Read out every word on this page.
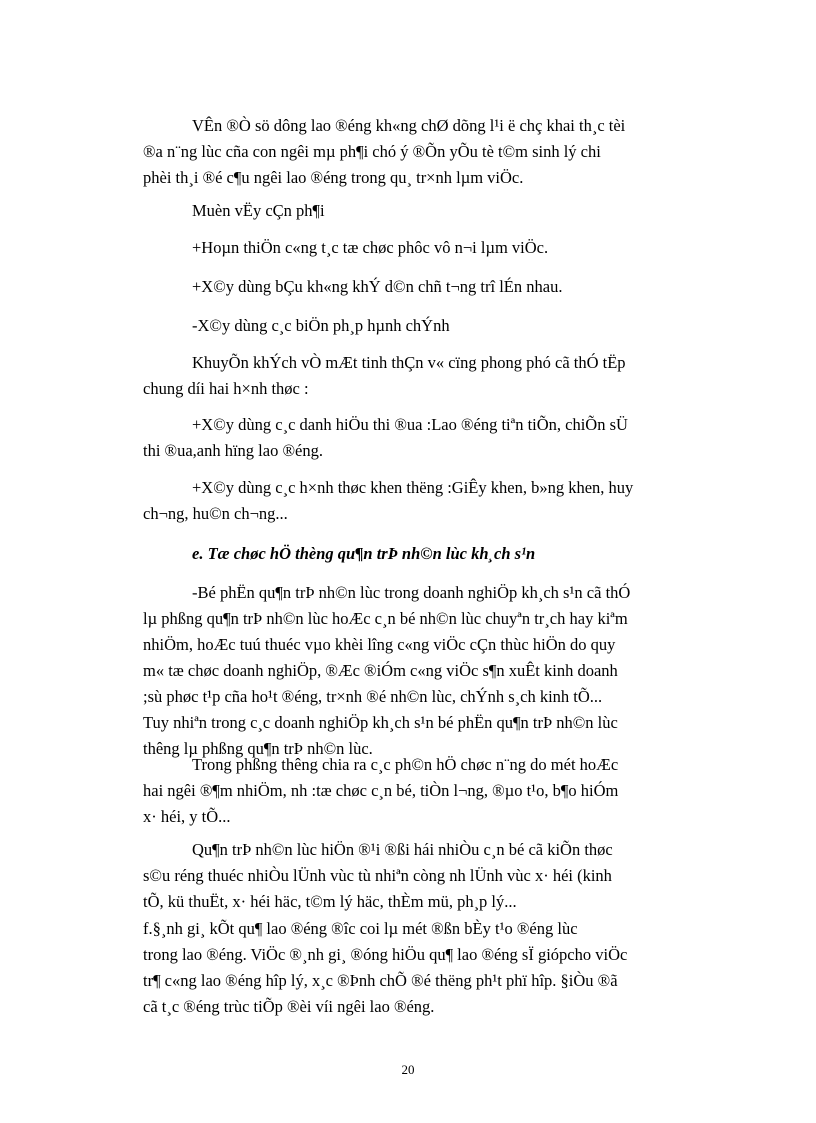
VÊn ®Ò sö dông lao ®éng kh«ng chØ dõng l¹i ë chç khai th¸c tèi
®a n¨ng lùc cña con ngêi mµ ph¶i chó ý ®Õn yÕu tè t©m sinh lý chi
phèi th¸i ®é c¶u ngêi lao ®éng trong qu¸ tr×nh lµm viÖc.
Muèn vËy cÇn ph¶i
+Hoµn thiÖn c«ng t¸c tæ chøc phôc vô n¬i lµm viÖc.
+X©y dùng bÇu kh«ng khÝ d©n chñ t¬ng trî lÉn nhau.
-X©y dùng c¸c biÖn ph¸p hµnh chÝnh
KhuyÕn khÝch vÒ mÆt tinh thÇn v« cïng phong phó cã thÓ tËp
chung díi hai h×nh thøc :
+X©y dùng c¸c danh hiÖu thi ®ua :Lao ®éng tiªn tiÕn, chiÕn sÜ
thi ®ua,anh hïng lao ®éng.
+X©y dùng c¸c h×nh thøc khen thëng :GiÊy khen, b»ng khen, huy
ch¬ng, hu©n ch¬ng...
e. Tæ chøc hÖ thèng qu¶n trÞ nh©n lùc kh¸ch s¹n
-Bé phËn qu¶n trÞ nh©n lùc trong doanh nghiÖp kh¸ch s¹n cã thÓ
lµ phßng qu¶n trÞ nh©n lùc hoÆc c¸n bé nh©n lùc chuyªn tr¸ch hay kiªm
nhiÖm, hoÆc tuú thuéc vµo khèi lîng c«ng viÖc cÇn thùc hiÖn do quy
m« tæ chøc doanh nghiÖp, ®Æc ®iÓm c«ng viÖc s¶n xuÊt kinh doanh
;sù phøc t¹p cña ho¹t ®éng, tr×nh ®é nh©n lùc, chÝnh s¸ch kinh tÕ...
Tuy nhiªn trong c¸c doanh nghiÖp kh¸ch s¹n bé phËn qu¶n trÞ nh©n lùc
thêng lµ phßng qu¶n trÞ nh©n lùc.
Trong phßng thêng chia ra c¸c ph©n hÖ chøc n¨ng do mét hoÆc
hai ngêi ®¶m nhiÖm, nh :tæ chøc c¸n bé, tiÒn l¬ng, ®µo t¹o, b¶o hiÓm
x· héi, y tÕ...
Qu¶n trÞ nh©n lùc hiÖn ®¹i ®ßi hái nhiÒu c¸n bé cã kiÕn thøc
s©u réng thuéc nhiÒu lÜnh vùc tù nhiªn còng nh lÜnh vùc x· héi (kinh
tÕ, kü thuËt, x· héi häc, t©m lý häc, thÈm mü, ph¸p lý...
f.§¸nh gi¸ kÕt qu¶ lao ®éng ®îc coi lµ mét ®ßn bÈy t¹o ®éng lùc
trong lao ®éng. ViÖc ®¸nh gi¸ ®óng hiÖu qu¶ lao ®éng sÏ giópcho viÖc
tr¶ c«ng lao ®éng hîp lý, x¸c ®Þnh chÕ ®é thëng ph¹t phï hîp. §iÒu ®ã
cã t¸c ®éng trùc tiÕp ®èi víi ngêi lao ®éng.
20
